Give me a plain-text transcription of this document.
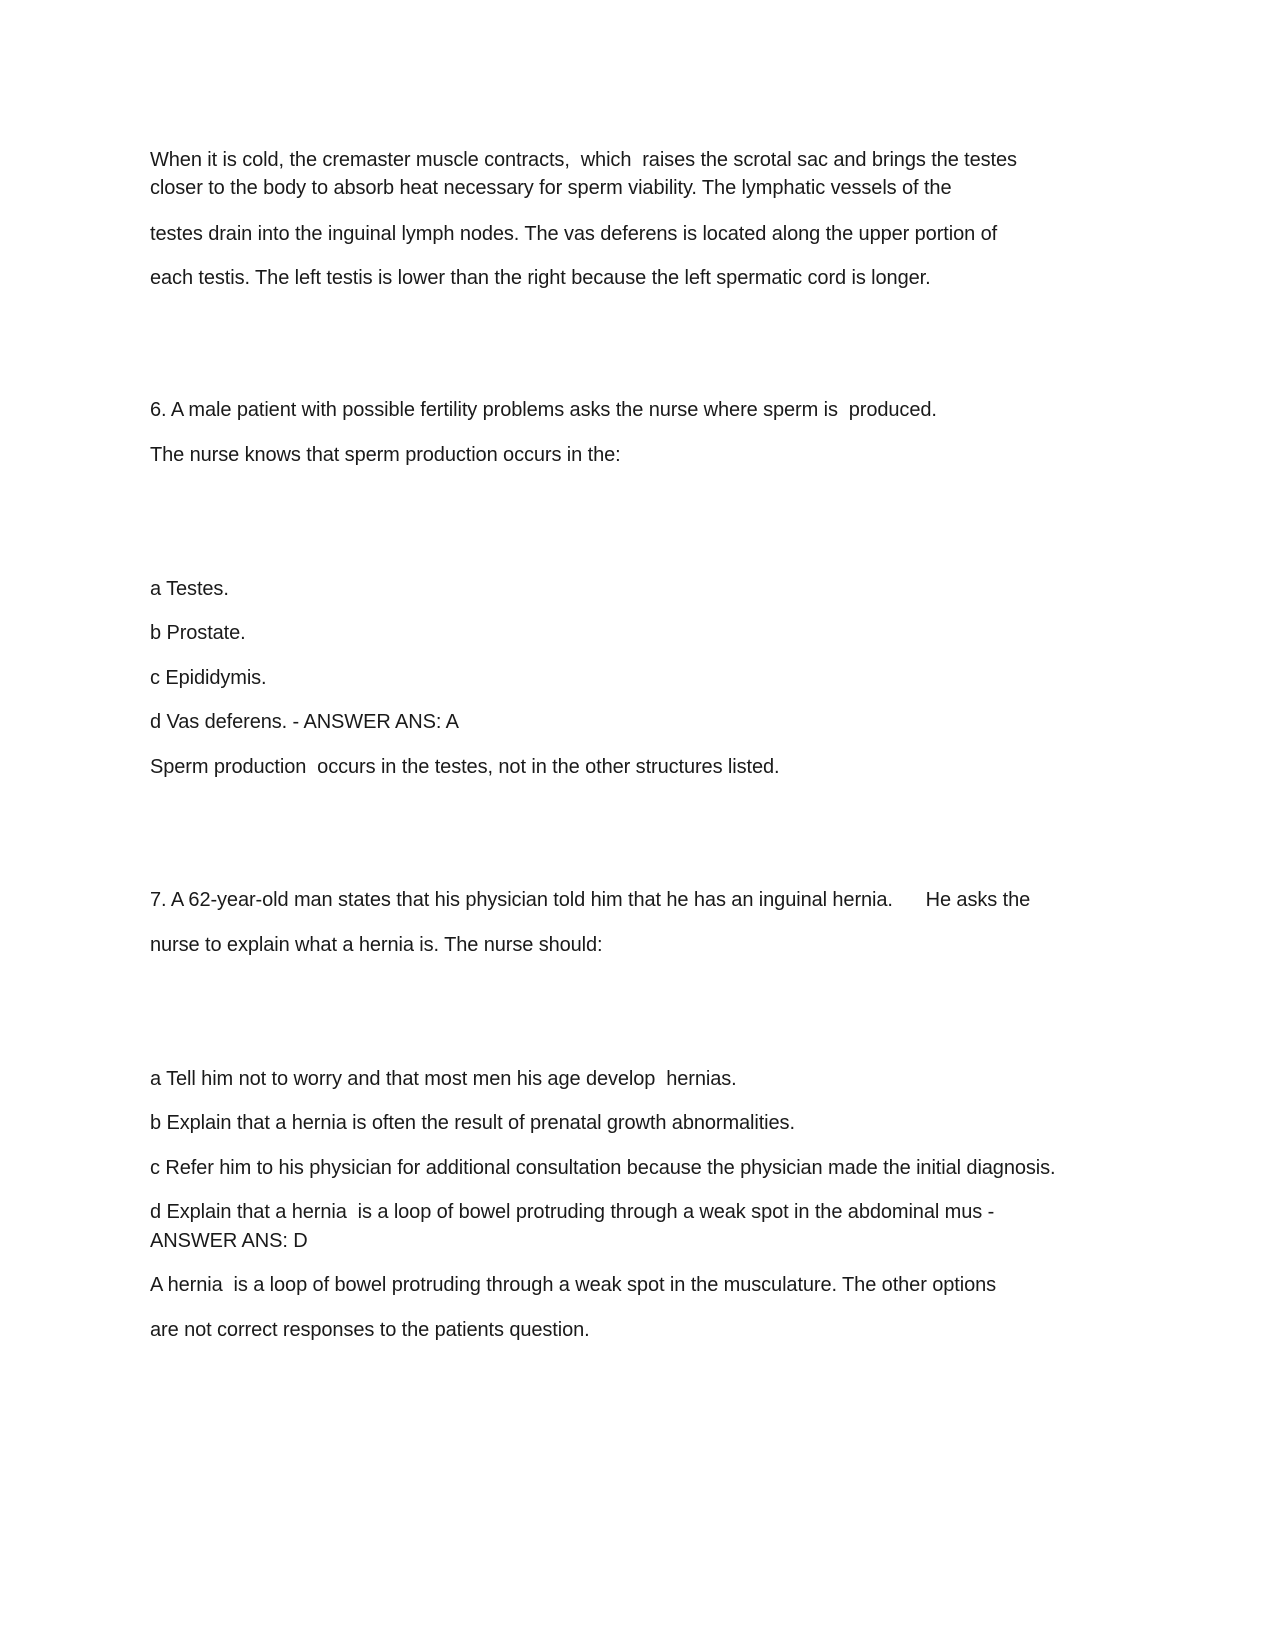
When it is cold, the cremaster muscle contracts,  which  raises the scrotal sac and brings the testes
closer to the body to absorb heat necessary for sperm viability. The lymphatic vessels of the
testes drain into the inguinal lymph nodes. The vas deferens is located along the upper portion of
each testis. The left testis is lower than the right because the left spermatic cord is longer.
6. A male patient with possible fertility problems asks the nurse where sperm is  produced.
The nurse knows that sperm production occurs in the:
a Testes.
b Prostate.
c Epididymis.
d Vas deferens. - ANSWER ANS: A
Sperm production  occurs in the testes, not in the other structures listed.
7. A 62-year-old man states that his physician told him that he has an inguinal hernia.      He asks the
nurse to explain what a hernia is. The nurse should:
a Tell him not to worry and that most men his age develop  hernias.
b Explain that a hernia is often the result of prenatal growth abnormalities.
c Refer him to his physician for additional consultation because the physician made the initial diagnosis.
d Explain that a hernia  is a loop of bowel protruding through a weak spot in the abdominal mus -
ANSWER ANS: D
A hernia  is a loop of bowel protruding through a weak spot in the musculature. The other options
are not correct responses to the patients question.
